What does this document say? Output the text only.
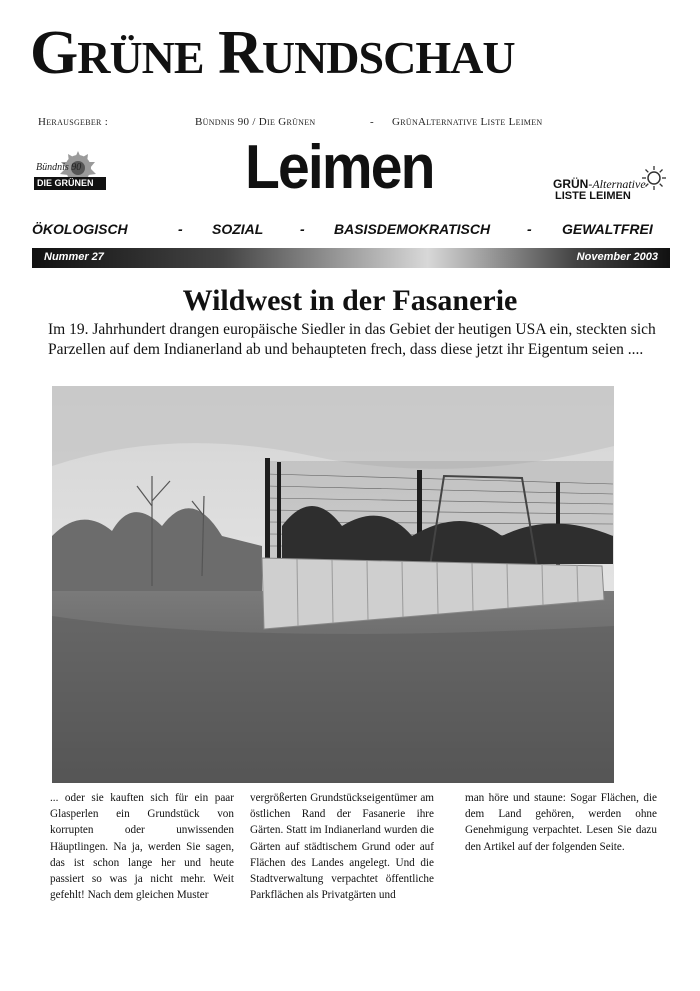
GRÜNE RUNDSCHAU
Herausgeber :	Bündnis 90 / Die Grünen	- GrünAlternative Liste Leimen
Bündnis 90
DIE GRÜNEN Leimen	GRÜN-Alternative
LISTE LEIMEN
ÖKOLOGISCH	- SOZIAL	- BASISDEMOKRATISCH	- GEWALTFREI
Nummer 27	November 2003
Wildwest in der Fasanerie
Im 19. Jahrhundert drangen europäische Siedler in das Gebiet der heutigen USA ein, steckten sich Parzellen auf dem Indianerland ab und behaupteten frech, dass diese jetzt ihr Eigentum seien ....
... oder sie kauften sich für ein paar Glasperlen ein Grundstück von korrupten oder unwissenden Häuptlingen. Na ja, werden Sie sagen, das ist schon lange her und heute passiert so was ja nicht mehr. Weit gefehlt! Nach dem gleichen Muster
vergrößerten Grundstückseigentümer am östlichen Rand der Fasanerie ihre Gärten. Statt im Indianerland wurden die Gärten auf städtischem Grund oder auf Flächen des Landes angelegt. Und die Stadtverwaltung verpachtet öffentliche Parkflächen als Privatgärten und
man höre und staune: Sogar Flächen, die dem Land gehören, werden ohne Genehmigung verpachtet. Lesen Sie dazu den Artikel auf der folgenden Seite.
